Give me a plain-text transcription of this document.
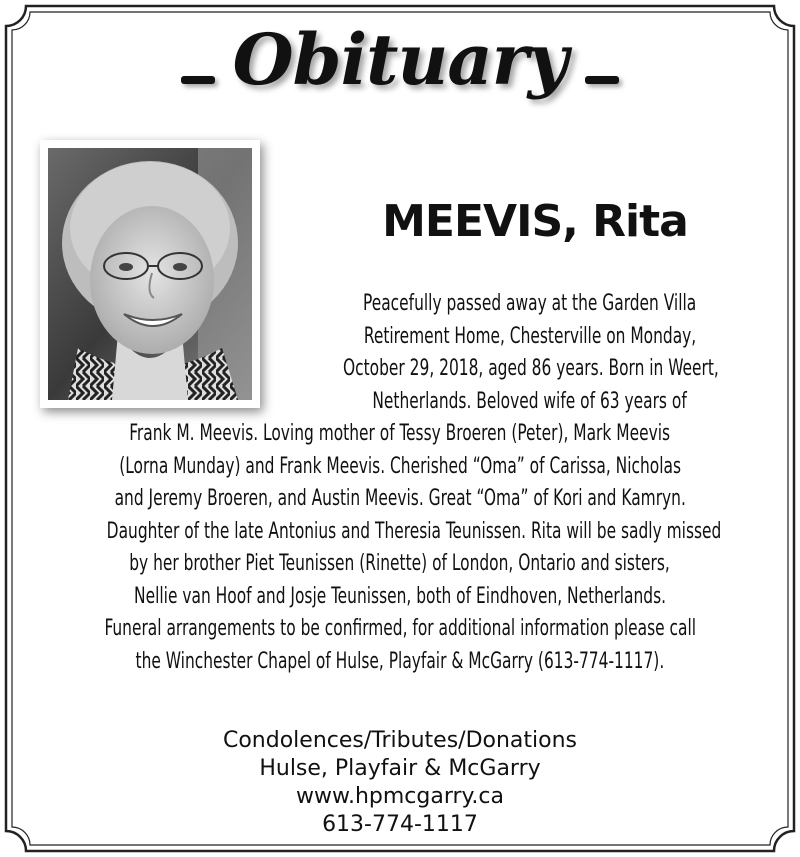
Obituary
MEEVIS, Rita
Peacefully passed away at the Garden Villa
Retirement Home, Chesterville on Monday,
October 29, 2018, aged 86 years. Born in Weert,
Netherlands. Beloved wife of 63 years of
Frank M. Meevis. Loving mother of Tessy Broeren (Peter), Mark Meevis
(Lorna Munday) and Frank Meevis. Cherished “Oma” of Carissa, Nicholas
and Jeremy Broeren, and Austin Meevis. Great “Oma” of Kori and Kamryn.
Daughter of the late Antonius and Theresia Teunissen. Rita will be sadly missed
by her brother Piet Teunissen (Rinette) of London, Ontario and sisters,
Nellie van Hoof and Josje Teunissen, both of Eindhoven, Netherlands.
Funeral arrangements to be confirmed, for additional information please call
the Winchester Chapel of Hulse, Playfair & McGarry (613-774-1117).
Condolences/Tributes/Donations
Hulse, Playfair & McGarry
www.hpmcgarry.ca
613-774-1117
